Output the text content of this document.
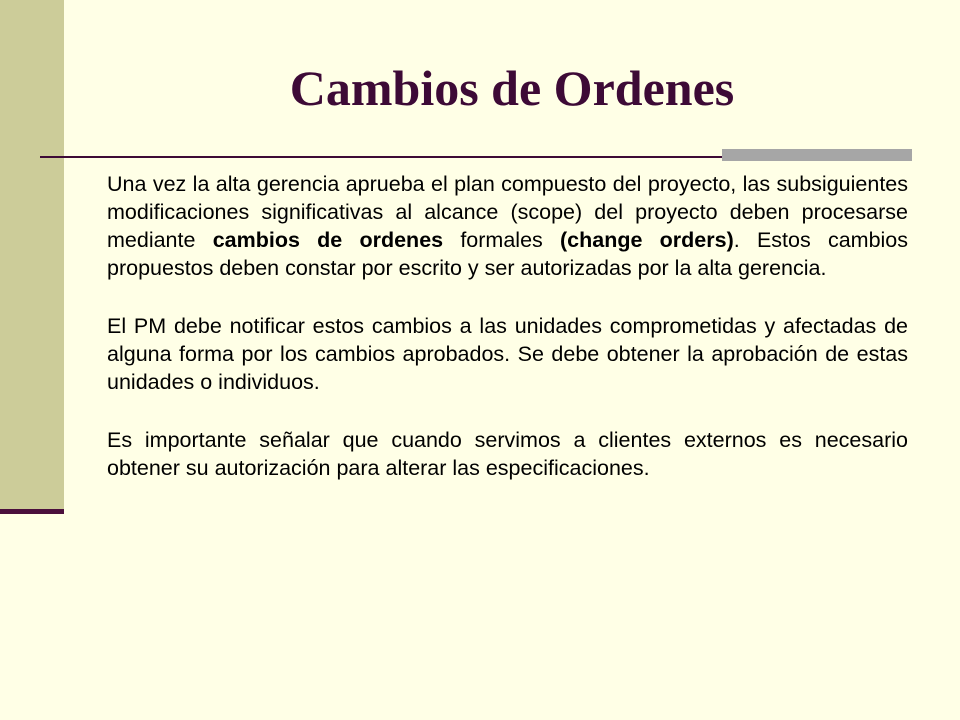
Cambios de Ordenes

Una vez la alta gerencia aprueba el plan compuesto del proyecto, las subsiguientes modificaciones significativas al alcance (scope) del proyecto deben procesarse mediante cambios de ordenes formales (change orders). Estos cambios propuestos deben constar por escrito y ser autorizadas por la alta gerencia.

El PM debe notificar estos cambios a las unidades comprometidas y afectadas de alguna forma por los cambios aprobados. Se debe obtener la aprobación de estas unidades o individuos.

Es importante señalar que cuando servimos a clientes externos es necesario obtener su autorización para alterar las especificaciones.
